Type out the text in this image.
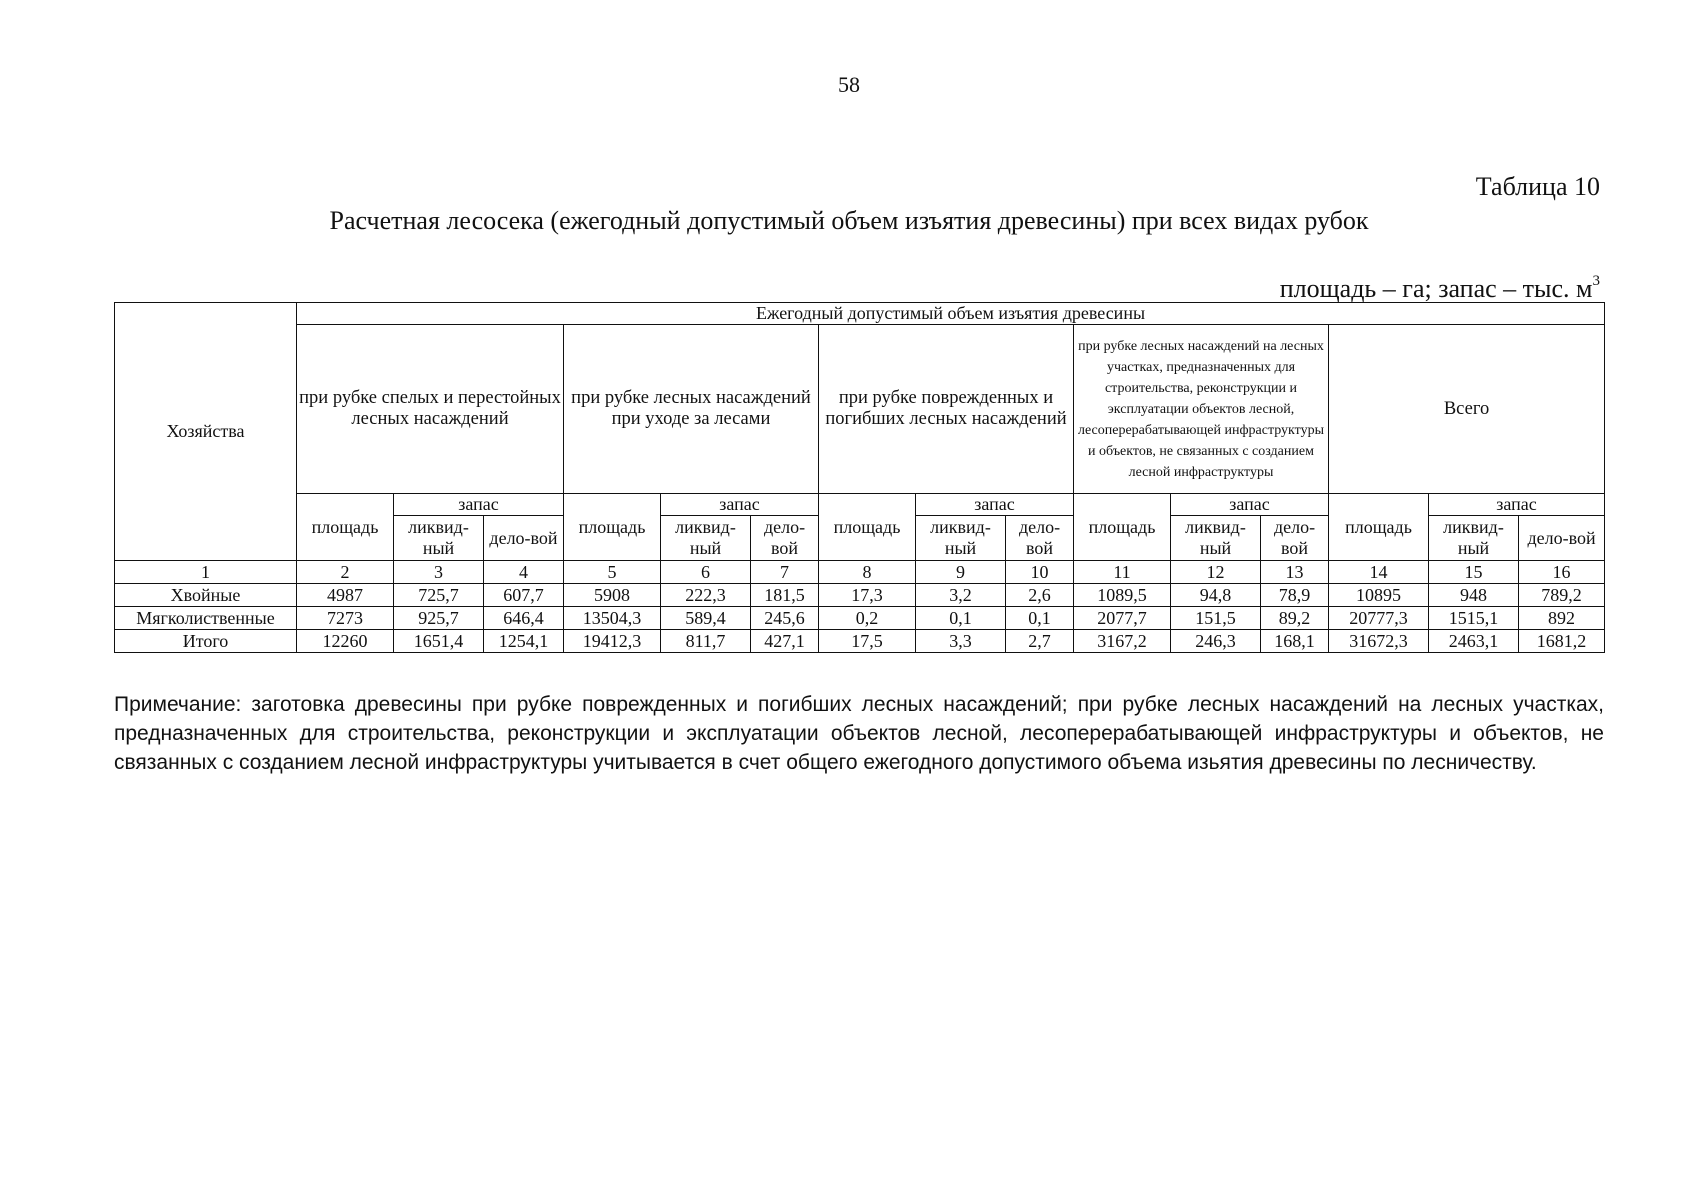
58
Таблица 10
Расчетная лесосека (ежегодный допустимый объем изъятия древесины) при всех видах рубок
площадь – га; запас – тыс. $м^3$
Хозяйства	Ежегодный допустимый объем изъятия древесины														
	при рубке спелых и перестойных лесных насаждений			при рубке лесных насаждений при уходе за лесами			при рубке поврежденных и погибших лесных насаждений			при рубке лесных насаждений на лесных участках, предназначенных для строительства, реконструкции и эксплуатации объектов лесной, лесоперерабатывающей инфраструктуры и объектов, не связанных с созданием лесной инфраструктуры			Всего		
	площадь	запас		площадь	запас		площадь	запас		площадь	запас		площадь	запас	
		ликвид-ный	дело-вой		ликвид-ный	дело-вой		ликвид-ный	дело-вой		ликвид-ный	дело-вой		ликвид-ный	дело-вой
1	2	3	4	5	6	7	8	9	10	11	12	13	14	15	16
Хвойные	4987	725,7	607,7	5908	222,3	181,5	17,3	3,2	2,6	1089,5	94,8	78,9	10895	948	789,2
Мягколиственные	7273	925,7	646,4	13504,3	589,4	245,6	0,2	0,1	0,1	2077,7	151,5	89,2	20777,3	1515,1	892
Итого	12260	1651,4	1254,1	19412,3	811,7	427,1	17,5	3,3	2,7	3167,2	246,3	168,1	31672,3	2463,1	1681,2
Примечание: заготовка древесины при рубке поврежденных и погибших лесных насаждений; при рубке лесных насаждений на лесных участках, предназначенных для строительства, реконструкции и эксплуатации объектов лесной, лесоперерабатывающей инфраструктуры и объектов, не связанных с созданием лесной инфраструктуры учитывается в счет общего ежегодного допустимого объема изьятия древесины по лесничеству.
